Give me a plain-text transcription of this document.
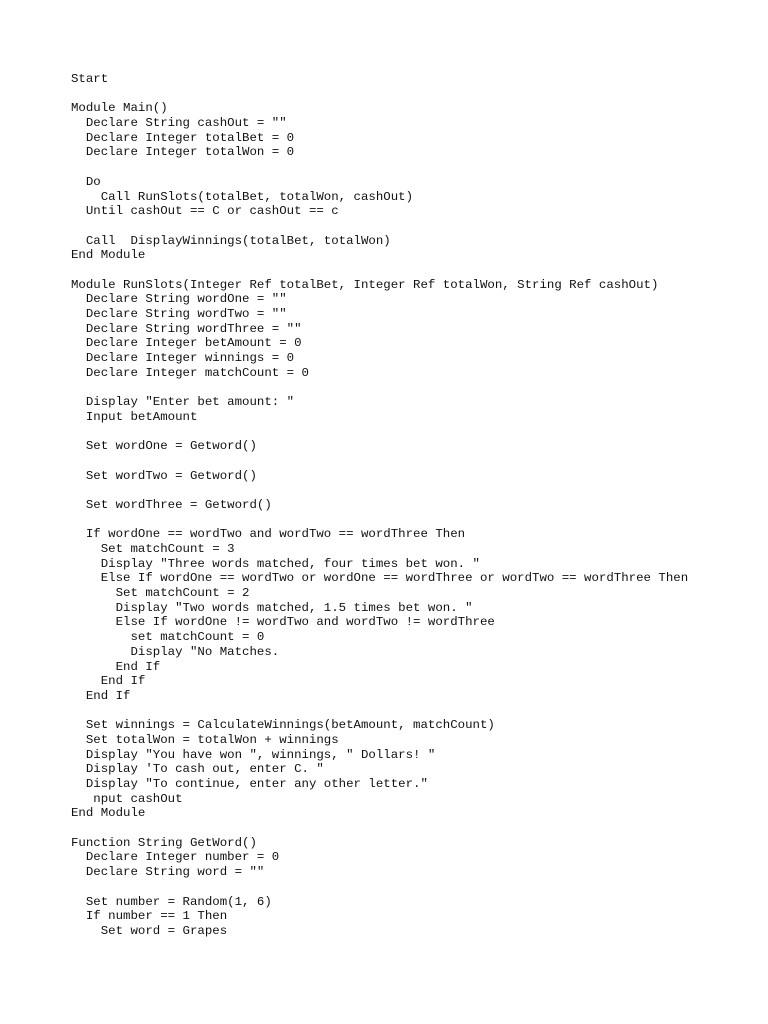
Start
Module Main()
Declare String cashOut = ""
Declare Integer totalBet = 0
Declare Integer totalWon = 0
Do
Call RunSlots(totalBet, totalWon, cashOut)
Until cashOut == C or cashOut == c
Call  DisplayWinnings(totalBet, totalWon)
End Module
Module RunSlots(Integer Ref totalBet, Integer Ref totalWon, String Ref cashOut)
Declare String wordOne = ""
Declare String wordTwo = ""
Declare String wordThree = ""
Declare Integer betAmount = 0
Declare Integer winnings = 0
Declare Integer matchCount = 0
Display "Enter bet amount: "
Input betAmount
Set wordOne = Getword()
Set wordTwo = Getword()
Set wordThree = Getword()
If wordOne == wordTwo and wordTwo == wordThree Then
Set matchCount = 3
Display "Three words matched, four times bet won. "
Else If wordOne == wordTwo or wordOne == wordThree or wordTwo == wordThree Then
Set matchCount = 2
Display "Two words matched, 1.5 times bet won. "
Else If wordOne != wordTwo and wordTwo != wordThree
set matchCount = 0
Display "No Matches.
End If
End If
End If
Set winnings = CalculateWinnings(betAmount, matchCount)
Set totalWon = totalWon + winnings
Display "You have won ", winnings, " Dollars! "
Display 'To cash out, enter C. "
Display "To continue, enter any other letter."
nput cashOut
End Module
Function String GetWord()
Declare Integer number = 0
Declare String word = ""
Set number = Random(1, 6)
If number == 1 Then
Set word = Grapes
